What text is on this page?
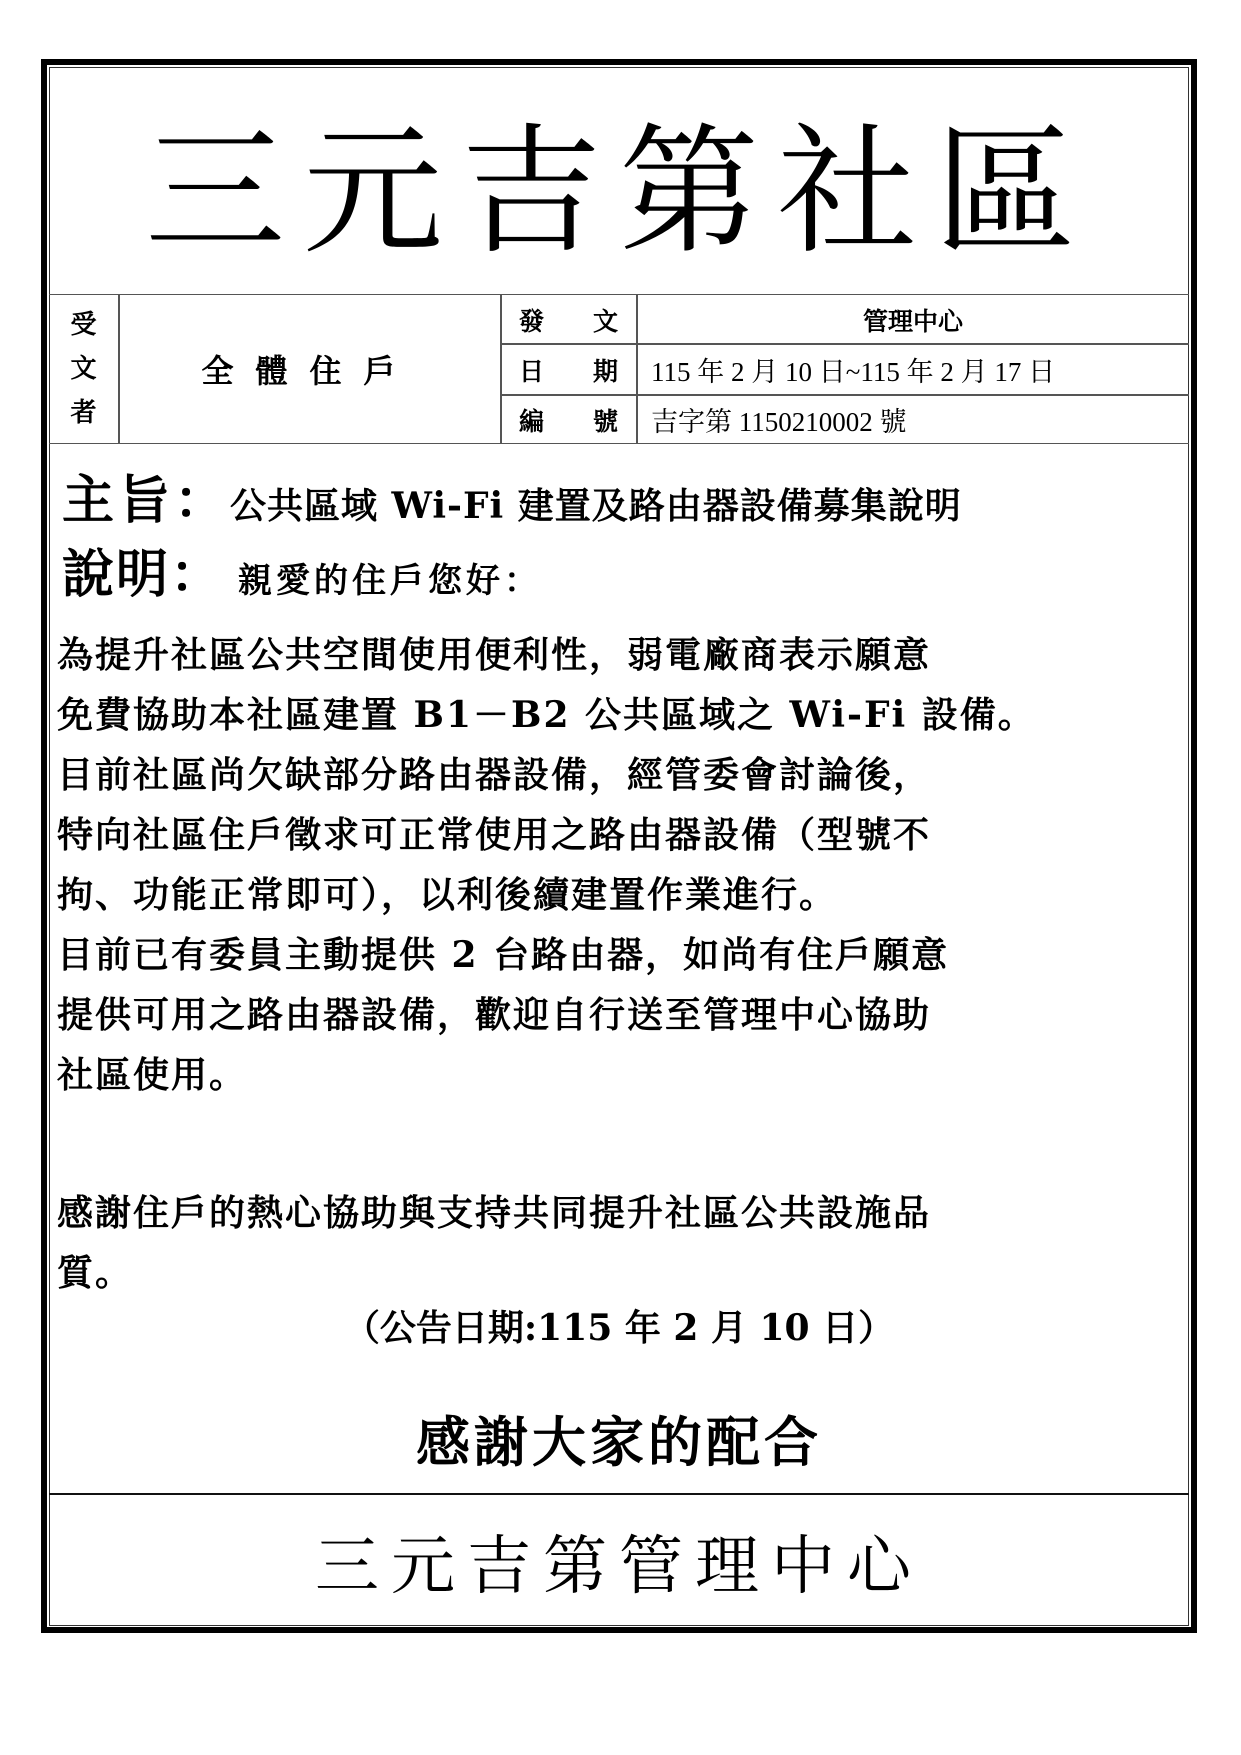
三元吉第社區
受
文
者
全體住戶
發 文	管理中心
日 期	115 年 2 月 10 日~115 年 2 月 17 日
編 號	吉字第 1150210002 號
主旨： 公共區域 Wi-Fi 建置及路由器設備募集說明
說明： 親愛的住戶您好：
為提升社區公共空間使用便利性，弱電廠商表示願意
免費協助本社區建置 B1－B2 公共區域之 Wi-Fi 設備。
目前社區尚欠缺部分路由器設備，經管委會討論後，
特向社區住戶徵求可正常使用之路由器設備（型號不
拘、功能正常即可），以利後續建置作業進行。
目前已有委員主動提供 2 台路由器，如尚有住戶願意
提供可用之路由器設備，歡迎自行送至管理中心協助
社區使用。
感謝住戶的熱心協助與支持共同提升社區公共設施品
質。
（公告日期:115 年 2 月 10 日）
感謝大家的配合
三元吉第管理中心
